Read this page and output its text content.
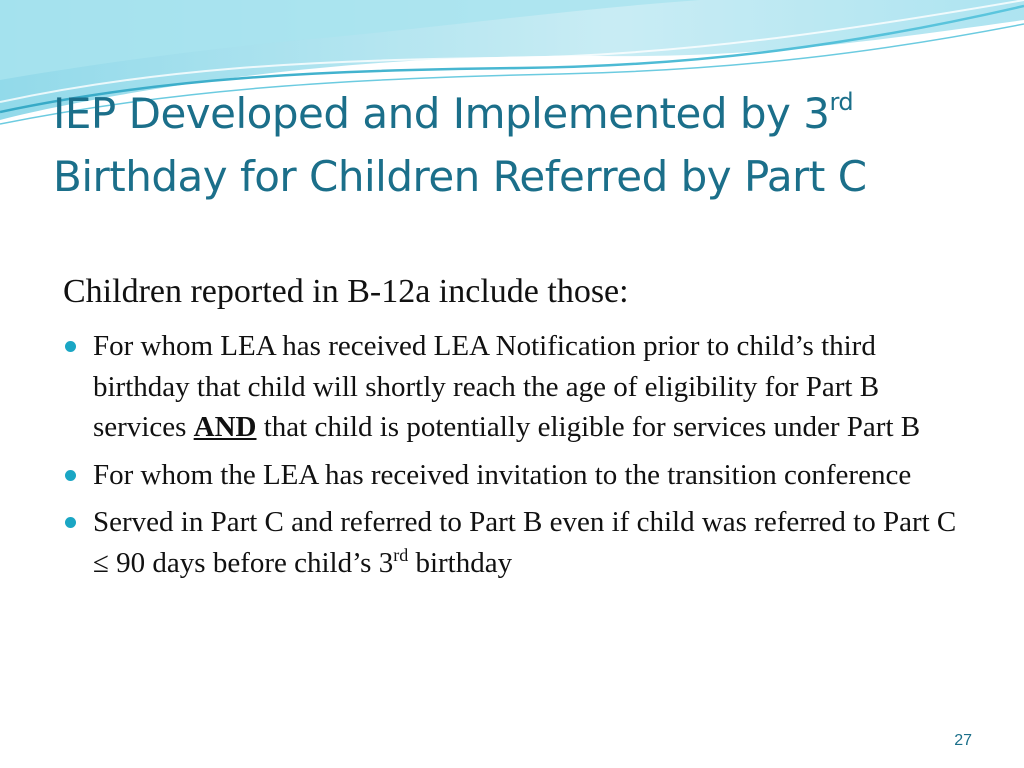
IEP Developed and Implemented by 3rd
Birthday for Children Referred by Part C
Children reported in B-12a include those:
For whom LEA has received LEA Notification prior to child’s third birthday that child will shortly reach the age of eligibility for Part B services AND that child is potentially eligible for services under Part B
For whom the LEA has received invitation to the transition conference
Served in Part C and referred to Part B even if child was referred to Part C ≤ 90 days before child’s 3rd birthday
27
